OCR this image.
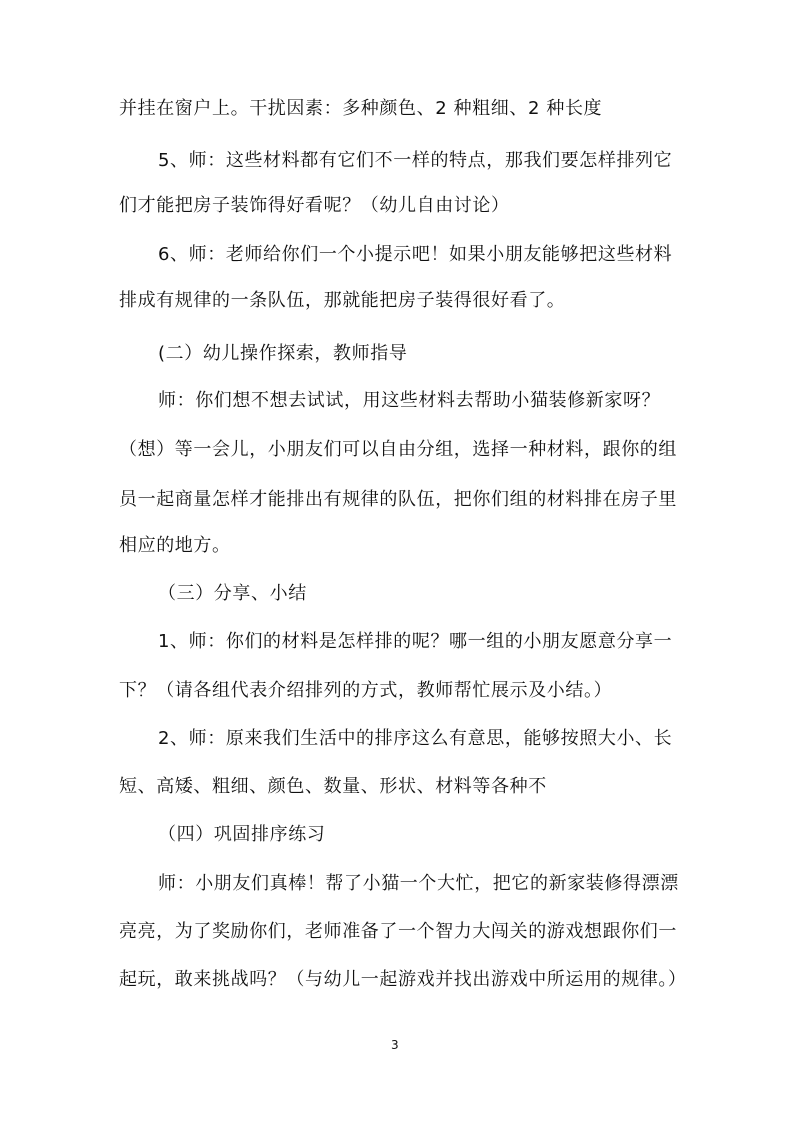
并挂在窗户上。干扰因素：多种颜色、2 种粗细、2 种长度
5、师：这些材料都有它们不一样的特点，那我们要怎样排列它
们才能把房子装饰得好看呢？（幼儿自由讨论）
6、师：老师给你们一个小提示吧！如果小朋友能够把这些材料
排成有规律的一条队伍，那就能把房子装得很好看了。
(二）幼儿操作探索，教师指导
师：你们想不想去试试，用这些材料去帮助小猫装修新家呀？
（想）等一会儿，小朋友们可以自由分组，选择一种材料，跟你的组
员一起商量怎样才能排出有规律的队伍，把你们组的材料排在房子里
相应的地方。
（三）分享、小结
1、师：你们的材料是怎样排的呢？哪一组的小朋友愿意分享一
下？（请各组代表介绍排列的方式，教师帮忙展示及小结。）
2、师：原来我们生活中的排序这么有意思，能够按照大小、长
短、高矮、粗细、颜色、数量、形状、材料等各种不
（四）巩固排序练习
师：小朋友们真棒！帮了小猫一个大忙，把它的新家装修得漂漂
亮亮，为了奖励你们，老师准备了一个智力大闯关的游戏想跟你们一
起玩，敢来挑战吗？（与幼儿一起游戏并找出游戏中所运用的规律。）
3
